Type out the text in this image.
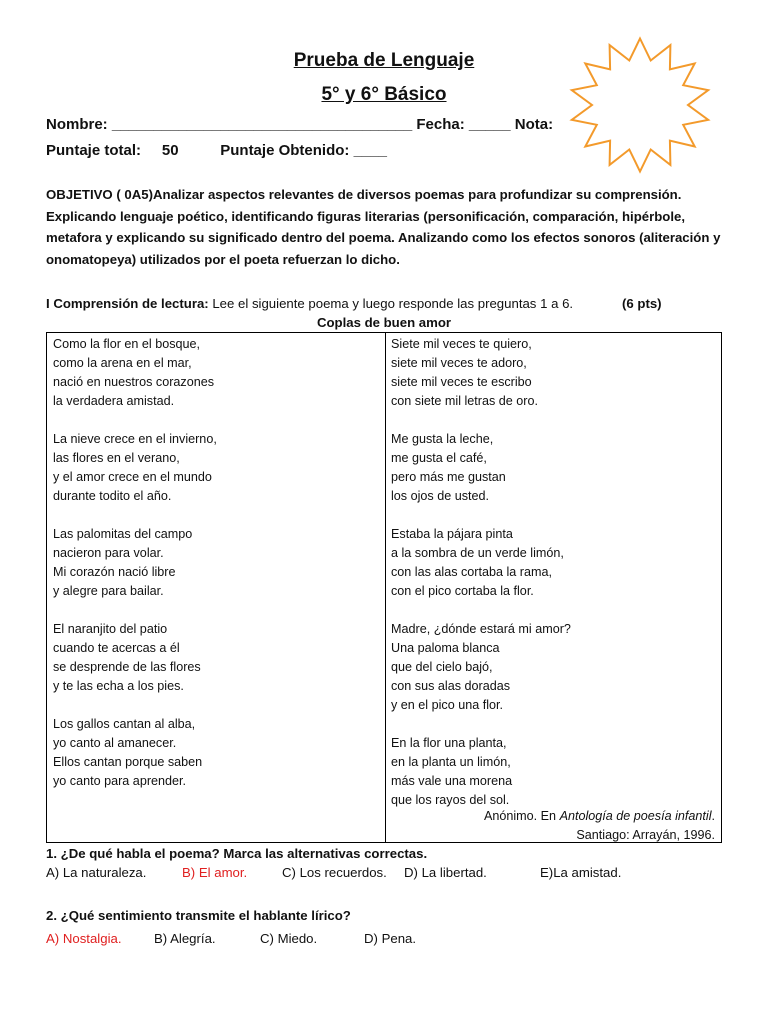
Prueba de Lenguaje
5° y 6° Básico
Nombre: ____________________________________ Fecha: _____ Nota:
Puntaje total: 50	Puntaje Obtenido: ____

OBJETIVO ( 0A5)Analizar aspectos relevantes de diversos poemas para profundizar su comprensión.

Explicando lenguaje poético, identificando figuras literarias (personificación, comparación, hipérbole,

metafora y explicando su significado dentro del poema. Analizando como los efectos sonoros (aliteración y

onomatopeya) utilizados por el poeta refuerzan lo dicho.

I Comprensión de lectura: Lee el siguiente poema y luego responde las preguntas 1 a 6.	(6 pts)
Coplas de buen amor
Como la flor en el bosque,
como la arena en el mar,
nació en nuestros corazones
la verdadera amistad.
La nieve crece en el invierno,
las flores en el verano,
y el amor crece en el mundo
durante todito el año.
Las palomitas del campo
nacieron para volar.
Mi corazón nació libre
y alegre para bailar.
El naranjito del patio
cuando te acercas a él
se desprende de las flores
y te las echa a los pies.
Los gallos cantan al alba,
yo canto al amanecer.
Ellos cantan porque saben
yo canto para aprender.
Siete mil veces te quiero,
siete mil veces te adoro,
siete mil veces te escribo
con siete mil letras de oro.
Me gusta la leche,
me gusta el café,
pero más me gustan
los ojos de usted.
Estaba la pájara pinta
a la sombra de un verde limón,
con las alas cortaba la rama,
con el pico cortaba la flor.
Madre, ¿dónde estará mi amor?
Una paloma blanca
que del cielo bajó,
con sus alas doradas
y en el pico una flor.
En la flor una planta,
en la planta un limón,
más vale una morena
que los rayos del sol.
Anónimo. En Antología de poesía infantil.
Santiago: Arrayán, 1996.
1. ¿De qué habla el poema? Marca las alternativas correctas.
A) La naturaleza.	B) El amor.	C) Los recuerdos. D) La libertad.	E)La amistad.
2. ¿Qué sentimiento transmite el hablante lírico?
A) Nostalgia. B) Alegría.	C) Miedo.	D) Pena.
